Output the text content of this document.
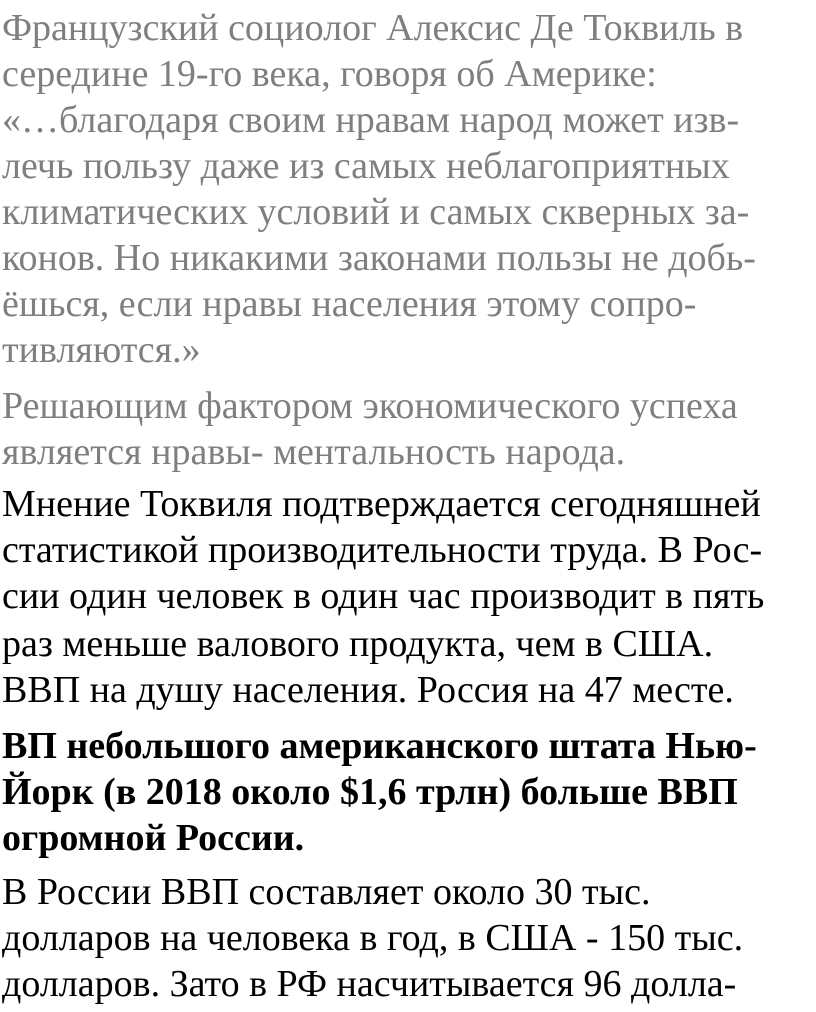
Французский социолог Алексис Де Токвиль в
середине 19-го века, говоря об Америке:
«…благодаря своим нравам народ может изв-
лечь пользу даже из самых неблагоприятных
климатических условий и самых скверных за-
конов. Но никакими законами пользы не добь-
ёшься, если нравы населения этому сопро-
тивляются.»
Решающим фактором экономического успеха
является нравы- ментальность народа.
Мнение Токвиля подтверждается сегодняшней
статистикой производительности труда. В Рос-
сии один человек в один час производит в пять
раз меньше валового продукта, чем в США.
ВВП на душу населения. Россия на 47 месте.
ВП небольшого американского штата Нью-
Йорк (в 2018 около $1,6 трлн) больше ВВП
огромной России.
В России ВВП составляет около 30 тыс.
долларов на человека в год, в США - 150 тыс.
долларов. Зато в РФ насчитывается 96 долла-
